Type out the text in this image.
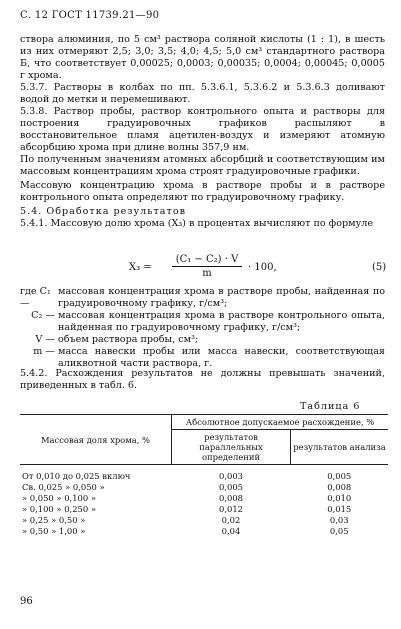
С. 12 ГОСТ 11739.21—90
створа алюминия, по 5 см³ раствора соляной кислоты (1 : 1), в шесть из них отмеряют 2,5; 3,0; 3,5; 4,0; 4,5; 5,0 см³ стандартного раствора Б, что соответствует 0,00025; 0,0003; 0,00035; 0,0004; 0,00045; 0,0005 г хрома.
5.3.7. Растворы в колбах по пп. 5.3.6.1, 5.3.6.2 и 5.3.6.3 доливают водой до метки и перемешивают.
5.3.8. Раствор пробы, раствор контрольного опыта и растворы для построения градуировочных графиков распыляют в восстановительное пламя ацетилен-воздух и измеряют атомную абсорбцию хрома при длине волны 357,9 нм.
По полученным значениям атомных абсорбций и соответствующим им массовым концентрациям хрома строят градуировочные графики.
Массовую концентрацию хрома в растворе пробы и в растворе контрольного опыта определяют по градуировочному графику.
5.4. Обработка результатов
5.4.1. Массовую долю хрома (X₃) в процентах вычисляют по формуле
$X_3 = \frac{\text{(C₁ − C₂) · V}}{m} \cdot 100$,	(5)
где C₁ —
массовая концентрация хрома в растворе пробы, найденная по градуировочному графику, г/см³;
C₂ — массовая концентрация хрома в растворе контрольного опыта, найденная по градуировочному графику, г/см³;
V — объем раствора пробы, см³;
m — масса навески пробы или масса навески, соответствующая аликвотной части раствора, г.
5.4.2. Расхождения результатов не должны превышать значений, приведенных в табл. 6.
Таблица 6
Массовая доля хрома, %	Абсолютное допускаемое расхождение, %	
	результатов параллельных определений	результатов анализа

От 0,010 до 0,025 включ	0,003	0,005
Св. 0,025 » 0,050 »	0,005	0,008
» 0,050 » 0,100 »	0,008	0,010
» 0,100 » 0,250 »	0,012	0,015
» 0,25 » 0,50 »	0,02	0,03
» 0,50 » 1,00 »	0,04	0,05
96
